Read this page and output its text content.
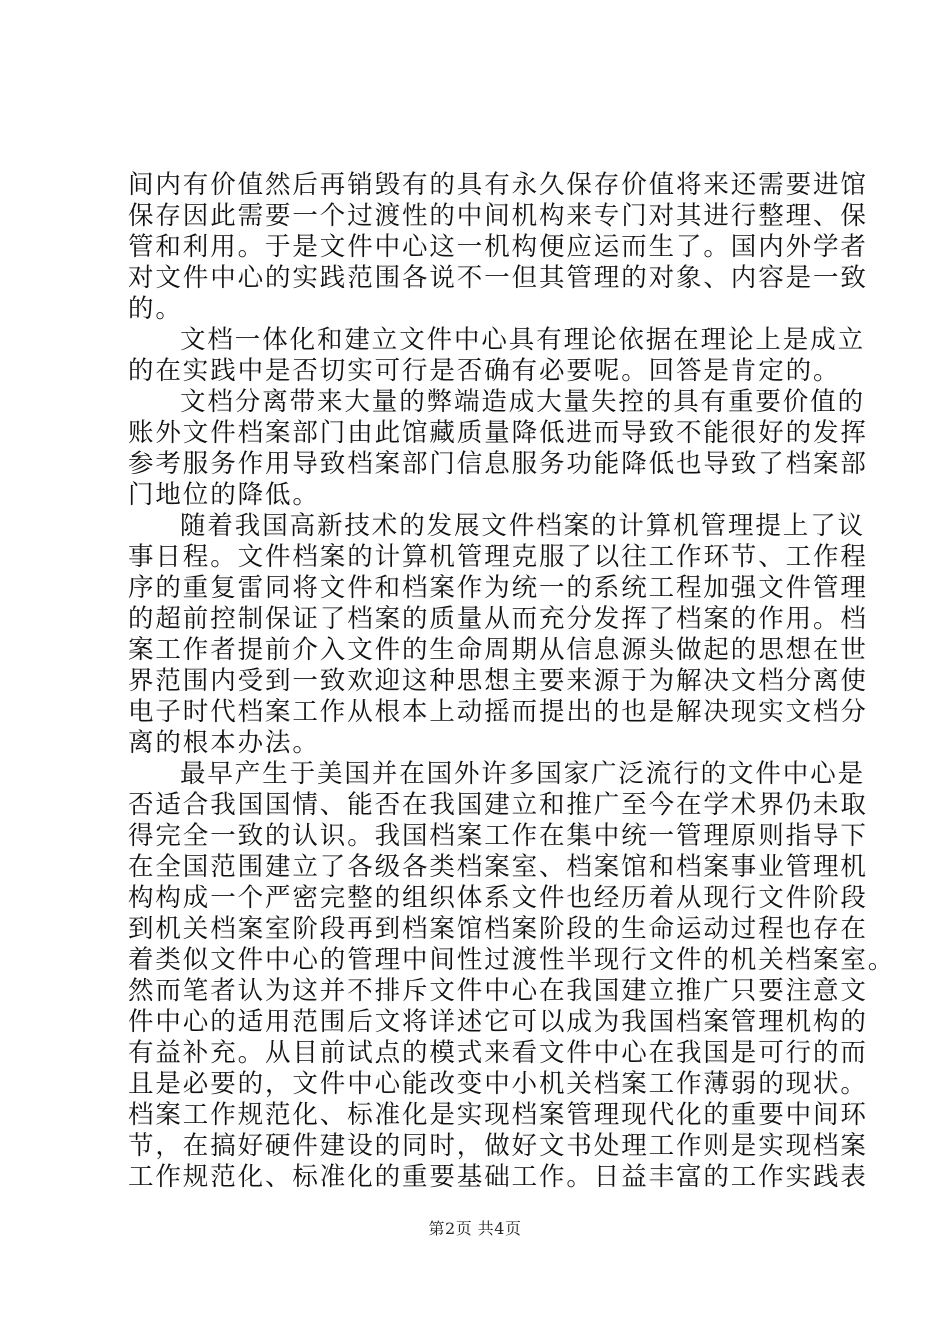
间内有价值然后再销毁有的具有永久保存价值将来还需要进馆
保存因此需要一个过渡性的中间机构来专门对其进行整理、保
管和利用。于是文件中心这一机构便应运而生了。国内外学者
对文件中心的实践范围各说不一但其管理的对象、内容是一致
的。
文档一体化和建立文件中心具有理论依据在理论上是成立
的在实践中是否切实可行是否确有必要呢。回答是肯定的。
文档分离带来大量的弊端造成大量失控的具有重要价值的
账外文件档案部门由此馆藏质量降低进而导致不能很好的发挥
参考服务作用导致档案部门信息服务功能降低也导致了档案部
门地位的降低。
随着我国高新技术的发展文件档案的计算机管理提上了议
事日程。文件档案的计算机管理克服了以往工作环节、工作程
序的重复雷同将文件和档案作为统一的系统工程加强文件管理
的超前控制保证了档案的质量从而充分发挥了档案的作用。档
案工作者提前介入文件的生命周期从信息源头做起的思想在世
界范围内受到一致欢迎这种思想主要来源于为解决文档分离使
电子时代档案工作从根本上动摇而提出的也是解决现实文档分
离的根本办法。
最早产生于美国并在国外许多国家广泛流行的文件中心是
否适合我国国情、能否在我国建立和推广至今在学术界仍未取
得完全一致的认识。我国档案工作在集中统一管理原则指导下
在全国范围建立了各级各类档案室、档案馆和档案事业管理机
构构成一个严密完整的组织体系文件也经历着从现行文件阶段
到机关档案室阶段再到档案馆档案阶段的生命运动过程也存在
着类似文件中心的管理中间性过渡性半现行文件的机关档案室。
然而笔者认为这并不排斥文件中心在我国建立推广只要注意文
件中心的适用范围后文将详述它可以成为我国档案管理机构的
有益补充。从目前试点的模式来看文件中心在我国是可行的而
且是必要的，文件中心能改变中小机关档案工作薄弱的现状。
档案工作规范化、标准化是实现档案管理现代化的重要中间环
节，在搞好硬件建设的同时，做好文书处理工作则是实现档案
工作规范化、标准化的重要基础工作。日益丰富的工作实践表
第2页 共4页
